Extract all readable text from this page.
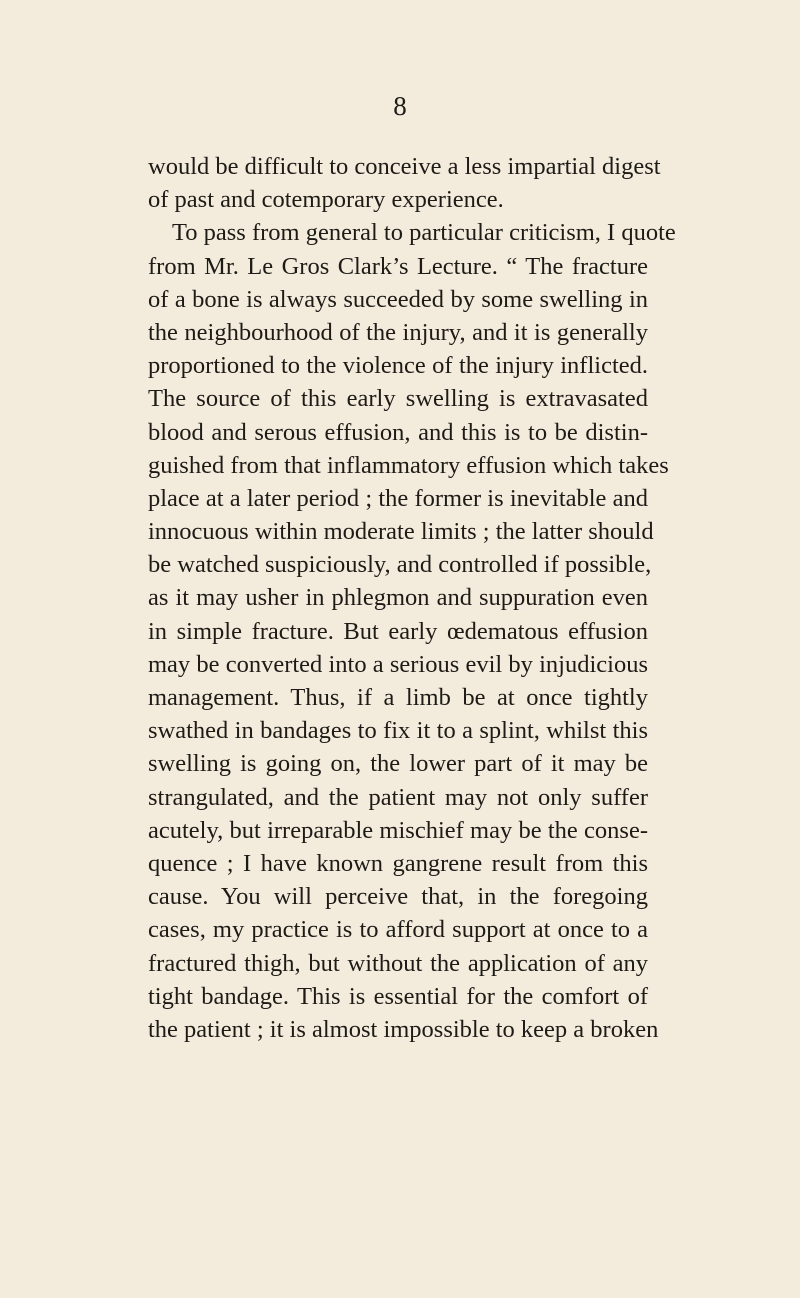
8
would be difficult to conceive a less impartial digest
of past and cotemporary experience.
To pass from general to particular criticism, I quote
from Mr. Le Gros Clark’s Lecture. “ The fracture
of a bone is always succeeded by some swelling in
the neighbourhood of the injury, and it is generally
proportioned to the violence of the injury inflicted.
The source of this early swelling is extravasated
blood and serous effusion, and this is to be distin-
guished from that inflammatory effusion which takes
place at a later period ; the former is inevitable and
innocuous within moderate limits ; the latter should
be watched suspiciously, and controlled if possible,
as it may usher in phlegmon and suppuration even
in simple fracture. But early œdematous effusion
may be converted into a serious evil by injudicious
management. Thus, if a limb be at once tightly
swathed in bandages to fix it to a splint, whilst this
swelling is going on, the lower part of it may be
strangulated, and the patient may not only suffer
acutely, but irreparable mischief may be the conse-
quence ; I have known gangrene result from this
cause. You will perceive that, in the foregoing
cases, my practice is to afford support at once to a
fractured thigh, but without the application of any
tight bandage. This is essential for the comfort of
the patient ; it is almost impossible to keep a broken
